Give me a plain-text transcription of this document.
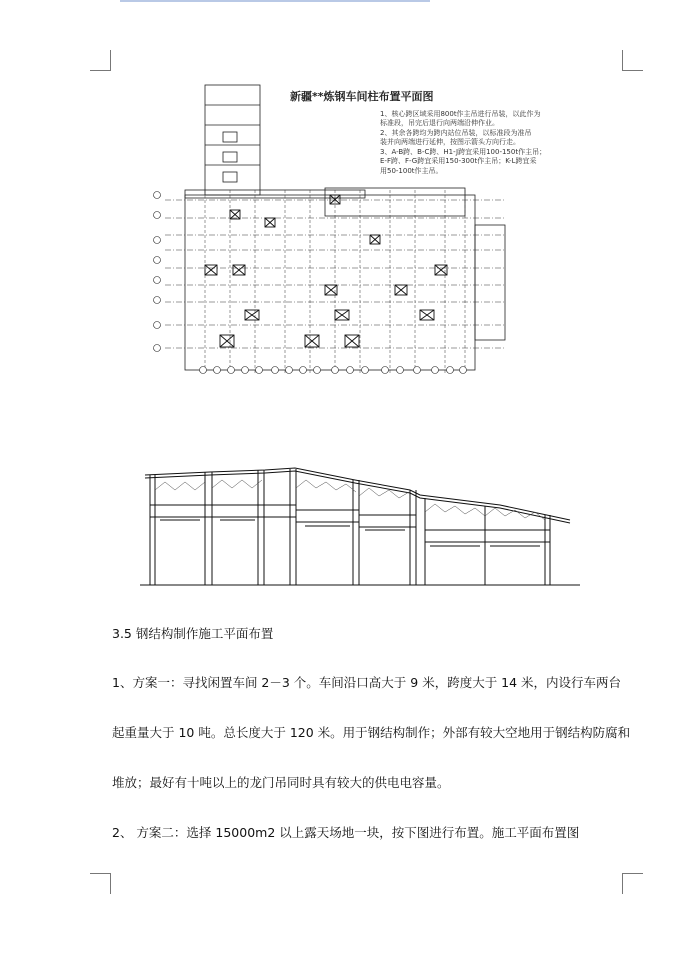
新疆**炼钢车间柱布置平面图
1、核心跨区域采用800t作主吊进行吊装，以此作为
标准段，吊完后退行向两端沿伸作业。
2、其余各跨均为跨内站位吊装，以标准段为准吊
装并向两端进行延伸，按图示箭头方向行走。
3、A-B跨、B-C跨、H1-J跨宜采用100-150t作主吊；
E-F跨、F-G跨宜采用150-300t作主吊；K-L跨宜采
用50-100t作主吊。
3.5 钢结构制作施工平面布置
1、方案一：寻找闲置车间 2－3 个。车间沿口高大于 9 米，跨度大于 14 米，内设行车两台
起重量大于 10 吨。总长度大于 120 米。用于钢结构制作；外部有较大空地用于钢结构防腐和
堆放；最好有十吨以上的龙门吊同时具有较大的供电电容量。
2、 方案二：选择 15000m2 以上露天场地一块，按下图进行布置。施工平面布置图
